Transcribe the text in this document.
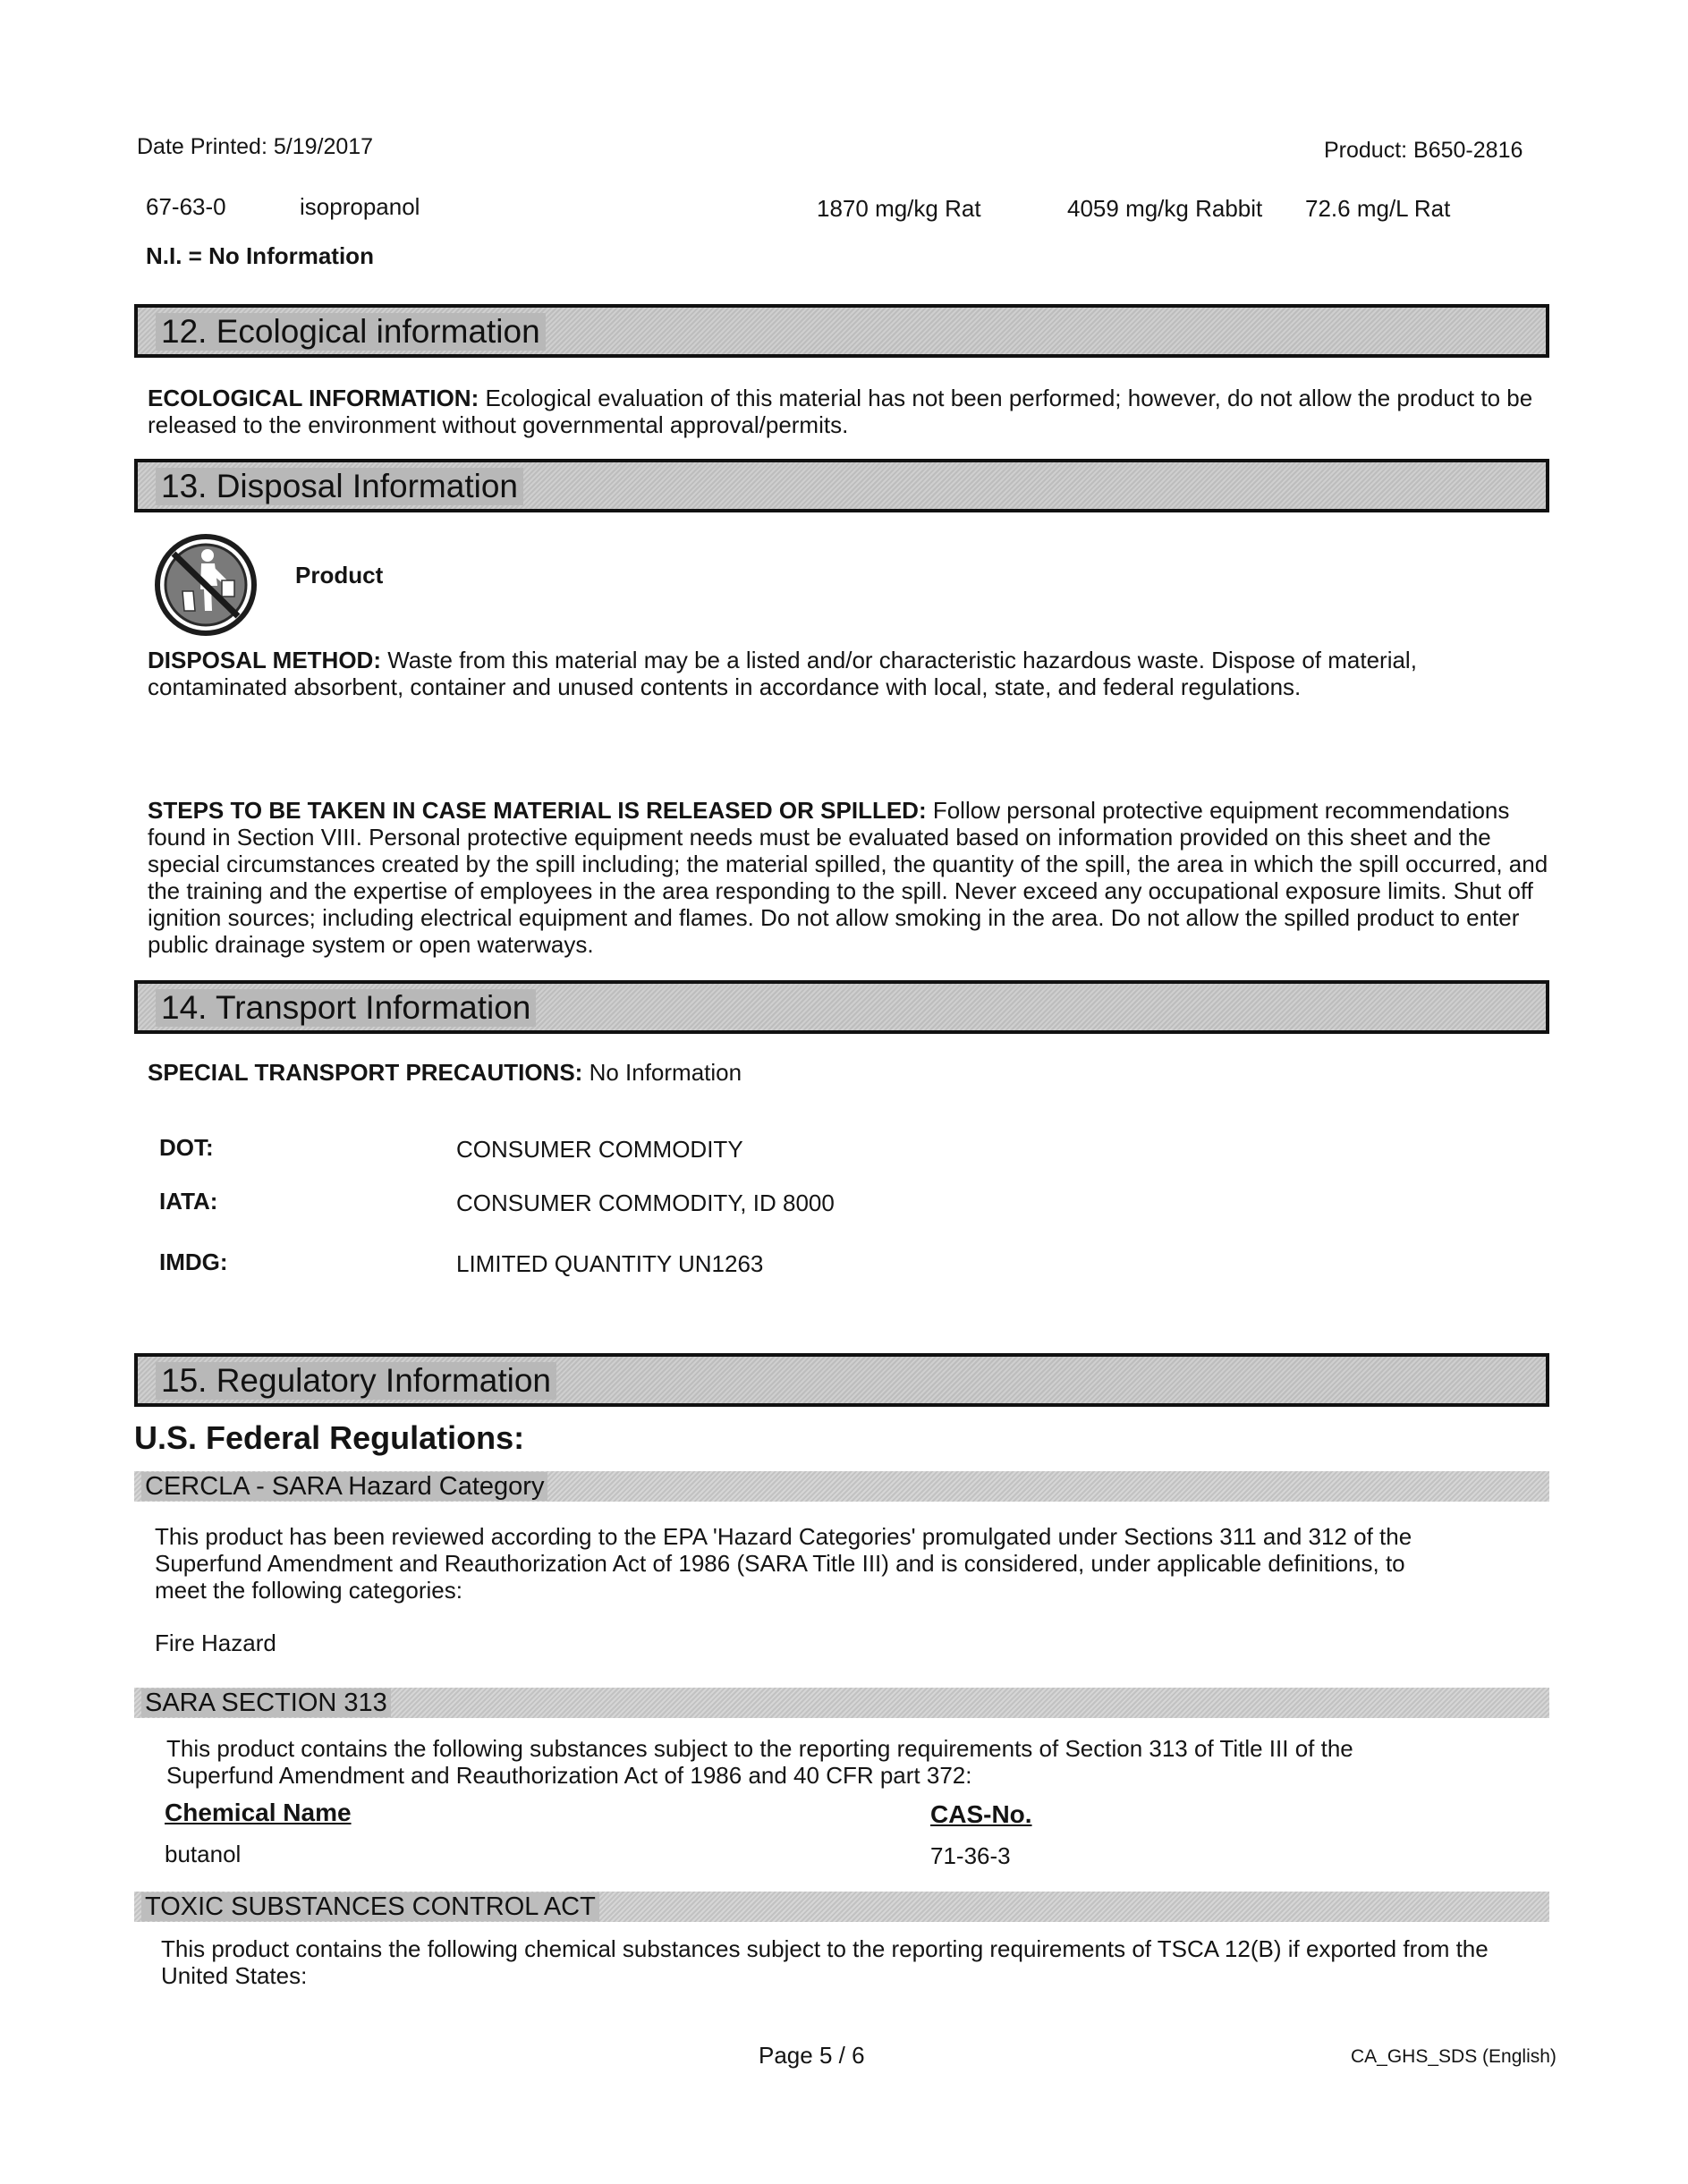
Date Printed: 5/19/2017	Product: B650-2816
67-63-0	isopropanol	1870 mg/kg Rat	4059 mg/kg Rabbit 72.6 mg/L Rat
N.I. = No Information
12. Ecological information
ECOLOGICAL INFORMATION: Ecological evaluation of this material has not been performed; however, do not allow the product to be released to the environment without governmental approval/permits.
13. Disposal Information
Product
DISPOSAL METHOD: Waste from this material may be a listed and/or characteristic hazardous waste. Dispose of material, contaminated absorbent, container and unused contents in accordance with local, state, and federal regulations.
STEPS TO BE TAKEN IN CASE MATERIAL IS RELEASED OR SPILLED: Follow personal protective equipment recommendations found in Section VIII. Personal protective equipment needs must be evaluated based on information provided on this sheet and the special circumstances created by the spill including; the material spilled, the quantity of the spill, the area in which the spill occurred, and the training and the expertise of employees in the area responding to the spill. Never exceed any occupational exposure limits. Shut off ignition sources; including electrical equipment and flames. Do not allow smoking in the area. Do not allow the spilled product to enter public drainage system or open waterways.
14. Transport Information
SPECIAL TRANSPORT PRECAUTIONS: No Information
DOT:	CONSUMER COMMODITY
IATA:	CONSUMER COMMODITY, ID 8000
IMDG:	LIMITED QUANTITY UN1263
15. Regulatory Information
U.S. Federal Regulations:
CERCLA - SARA Hazard Category
This product has been reviewed according to the EPA 'Hazard Categories' promulgated under Sections 311 and 312 of the Superfund Amendment and Reauthorization Act of 1986 (SARA Title III) and is considered, under applicable definitions, to meet the following categories:
Fire Hazard
SARA SECTION 313
This product contains the following substances subject to the reporting requirements of Section 313 of Title III of the Superfund Amendment and Reauthorization Act of 1986 and 40 CFR part 372:
Chemical Name	CAS-No.
butanol	71-36-3
TOXIC SUBSTANCES CONTROL ACT
This product contains the following chemical substances subject to the reporting requirements of TSCA 12(B) if exported from the United States:
Page 5 / 6	CA_GHS_SDS (English)
